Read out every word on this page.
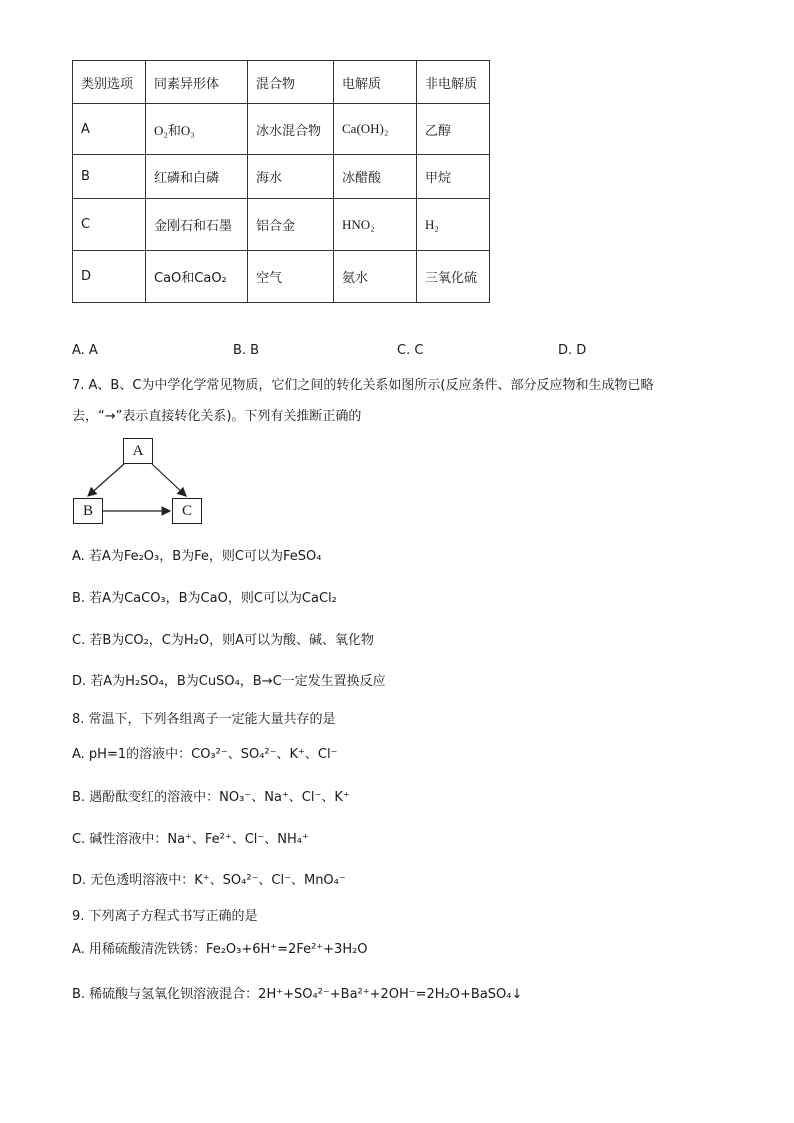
类别选项	同素异形体	混合物	电解质	非电解质
A	O₂和O₃	冰水混合物	Ca(OH)₂	乙醇
B	红磷和白磷	海水	冰醋酸	甲烷
C	金刚石和石墨	铝合金	HNO₂	H₂
D	CaO和CaO₂	空气	氨水	三氧化硫
A. A	B. B	C. C	D. D
7. A、B、C为中学化学常见物质，它们之间的转化关系如图所示(反应条件、部分反应物和生成物已略
去，“→”表示直接转化关系)。下列有关推断正确的
A
B	C
A. 若A为Fe₂O₃，B为Fe，则C可以为FeSO₄
B. 若A为CaCO₃，B为CaO，则C可以为CaCl₂
C. 若B为CO₂，C为H₂O，则A可以为酸、碱、氧化物
D. 若A为H₂SO₄，B为CuSO₄，B→C一定发生置换反应
8. 常温下，下列各组离子一定能大量共存的是
A. pH=1的溶液中：CO₃²⁻、SO₄²⁻、K⁺、Cl⁻
B. 遇酚酞变红的溶液中：NO₃⁻、Na⁺、Cl⁻、K⁺
C. 碱性溶液中：Na⁺、Fe²⁺、Cl⁻、NH₄⁺
D. 无色透明溶液中：K⁺、SO₄²⁻、Cl⁻、MnO₄⁻
9. 下列离子方程式书写正确的是
A. 用稀硫酸清洗铁锈：Fe₂O₃+6H⁺=2Fe²⁺+3H₂O
B. 稀硫酸与氢氧化钡溶液混合：2H⁺+SO₄²⁻+Ba²⁺+2OH⁻=2H₂O+BaSO₄↓
